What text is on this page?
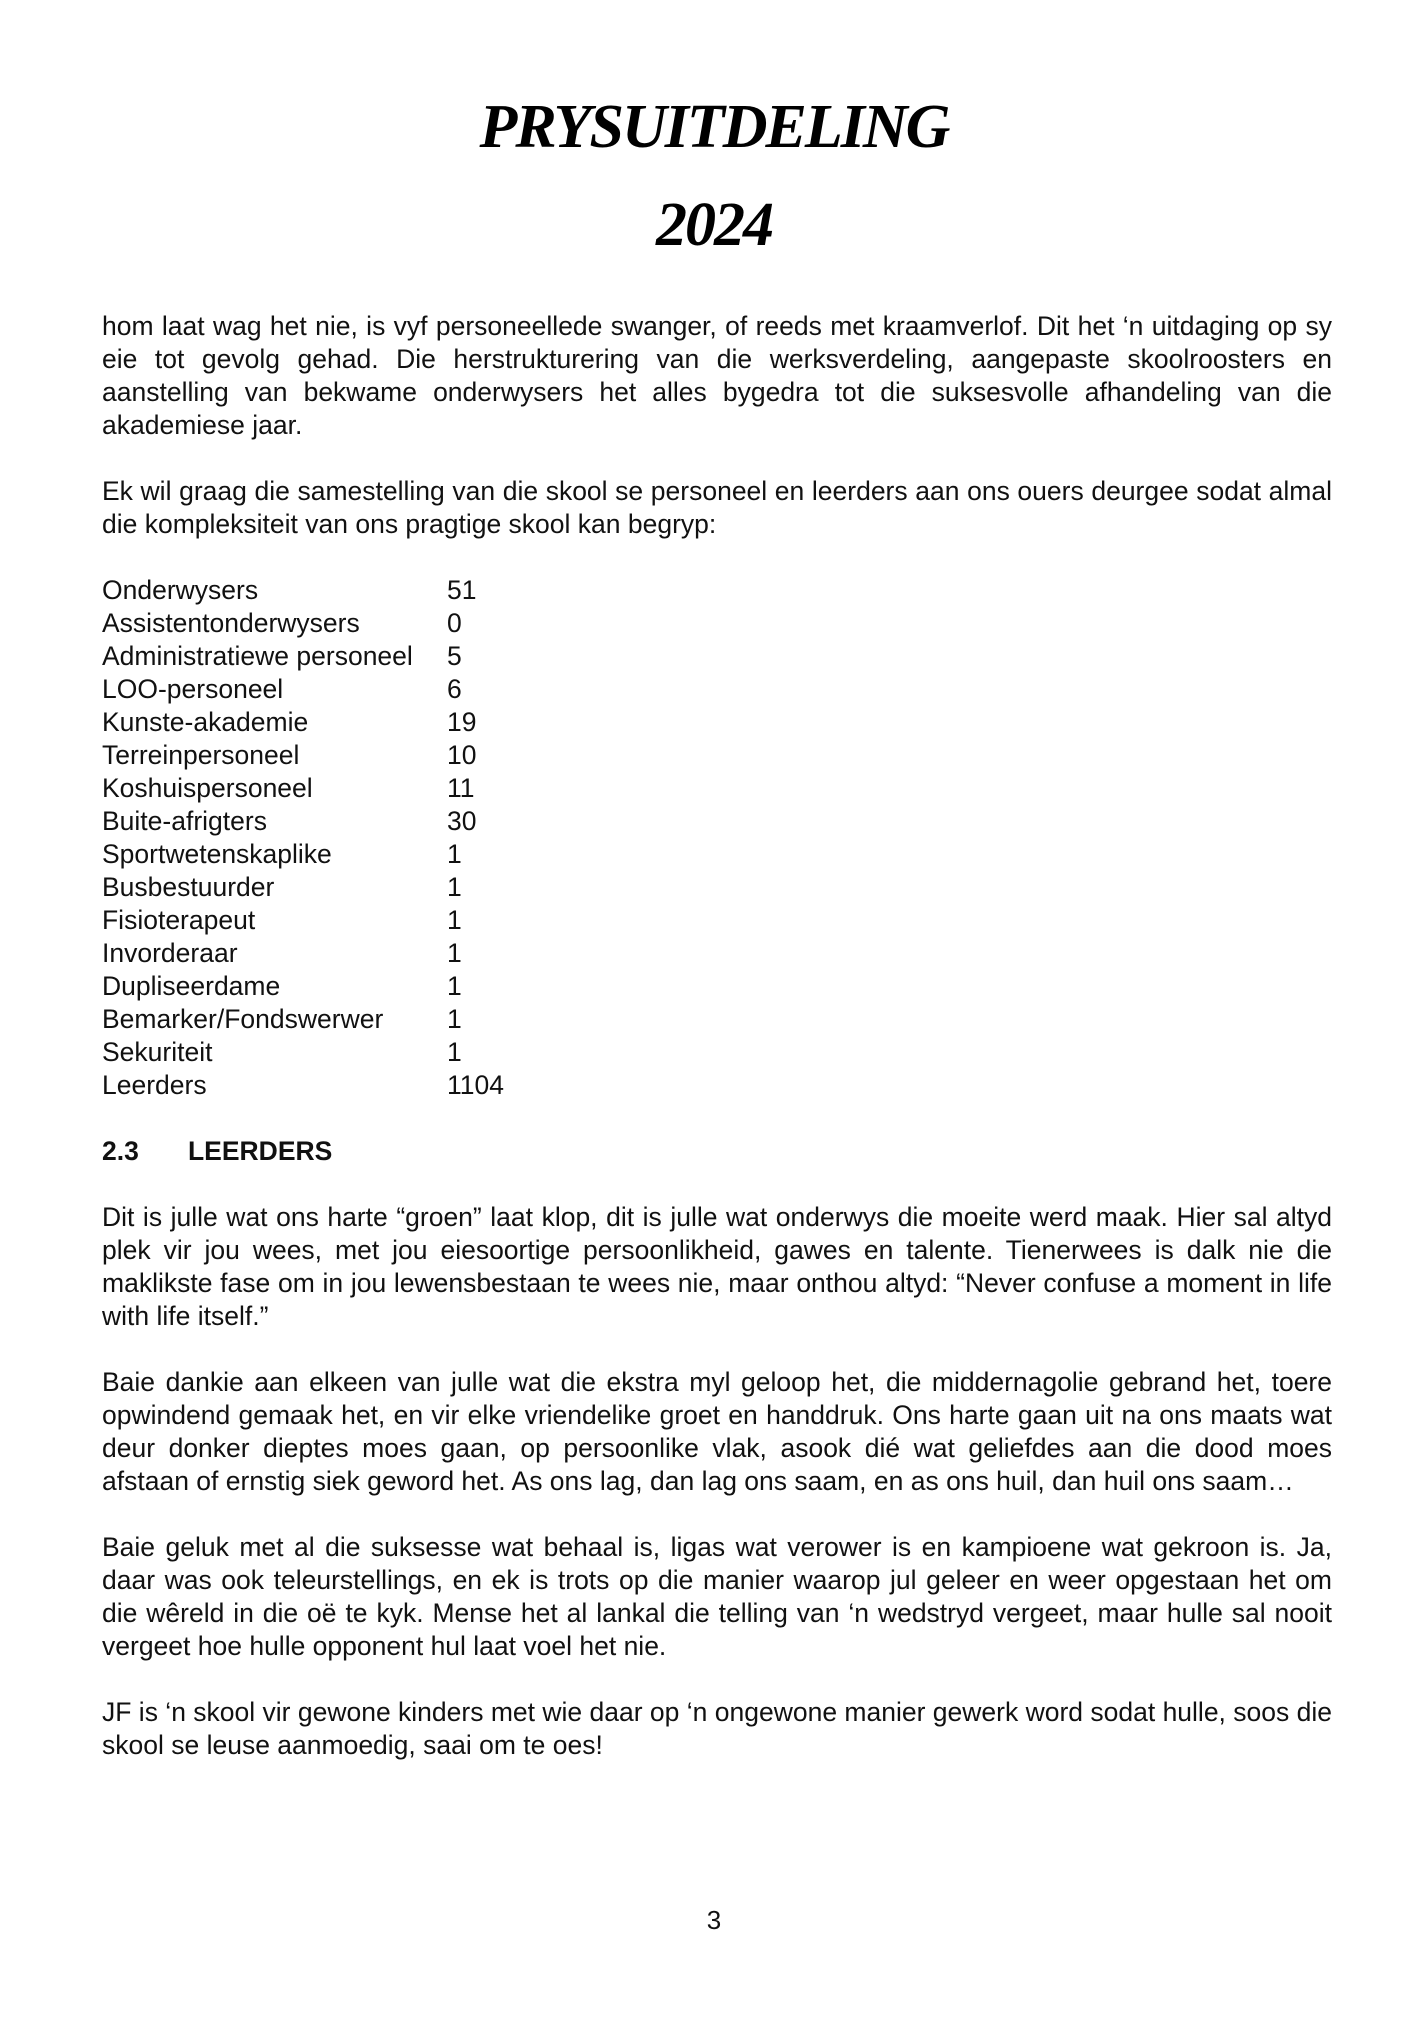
PRYSUITDELING
2024

hom laat wag het nie, is vyf personeellede swanger, of reeds met kraamverlof. Dit het ‘n uitdaging op sy eie tot gevolg gehad. Die herstrukturering van die werksverdeling, aangepaste skoolroosters en aanstelling van bekwame onderwysers het alles bygedra tot die suksesvolle afhandeling van die akademiese jaar.

Ek wil graag die samestelling van die skool se personeel en leerders aan ons ouers deurgee sodat almal die kompleksiteit van ons pragtige skool kan begryp:

Onderwysers	51
Assistentonderwysers	0
Administratiewe personeel	5
LOO-personeel	6
Kunste-akademie	19
Terreinpersoneel	10
Koshuispersoneel	11
Buite-afrigters	30
Sportwetenskaplike	1
Busbestuurder	1
Fisioterapeut	1
Invorderaar	1
Dupliseerdame	1
Bemarker/Fondswerwer	1
Sekuriteit	1
Leerders	1104
2.3	LEERDERS

Dit is julle wat ons harte “groen” laat klop, dit is julle wat onderwys die moeite werd maak. Hier sal altyd plek vir jou wees, met jou eiesoortige persoonlikheid, gawes en talente. Tienerwees is dalk nie die maklikste fase om in jou lewensbestaan te wees nie, maar onthou altyd: “Never confuse a moment in life with life itself.”

Baie dankie aan elkeen van julle wat die ekstra myl geloop het, die middernagolie gebrand het, toere opwindend gemaak het, en vir elke vriendelike groet en handdruk. Ons harte gaan uit na ons maats wat deur donker dieptes moes gaan, op persoonlike vlak, asook dié wat geliefdes aan die dood moes afstaan of ernstig siek geword het. As ons lag, dan lag ons saam, en as ons huil, dan huil ons saam…

Baie geluk met al die suksesse wat behaal is, ligas wat verower is en kampioene wat gekroon is. Ja, daar was ook teleurstellings, en ek is trots op die manier waarop jul geleer en weer opgestaan het om die wêreld in die oë te kyk. Mense het al lankal die telling van ‘n wedstryd vergeet, maar hulle sal nooit vergeet hoe hulle opponent hul laat voel het nie.

JF is ‘n skool vir gewone kinders met wie daar op ‘n ongewone manier gewerk word sodat hulle, soos die skool se leuse aanmoedig, saai om te oes!

3
